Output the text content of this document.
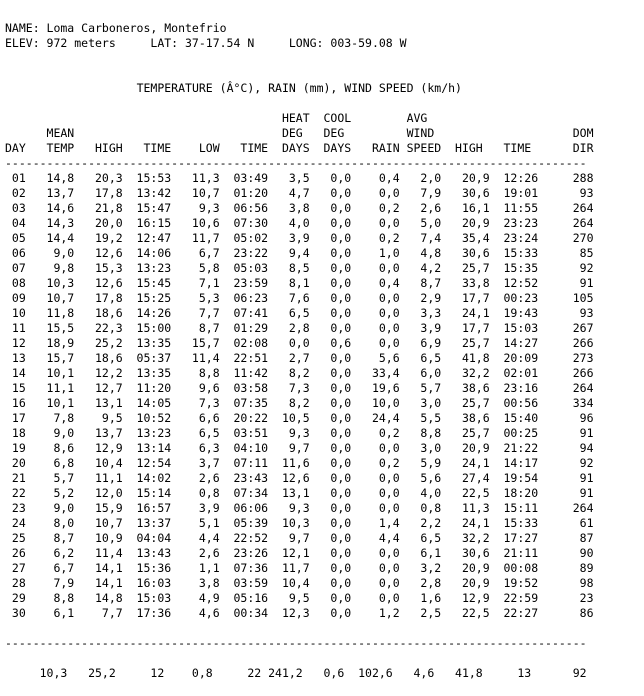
NAME: Loma Carboneros, Montefrio
ELEV: 972 meters     LAT: 37-17.54 N     LONG: 003-59.08 W

TEMPERATURE (Â°C), RAIN (mm), WIND SPEED (km/h)

HEAT  COOL        AVG
MEAN                              DEG   DEG         WIND                    DOM
DAY   TEMP   HIGH   TIME    LOW   TIME  DAYS  DAYS   RAIN SPEED  HIGH   TIME      DIR
------------------------------------------------------------------------------------
01   14,8   20,3  15:53   11,3  03:49   3,5   0,0    0,4   2,0   20,9  12:26     288
02   13,7   17,8  13:42   10,7  01:20   4,7   0,0    0,0   7,9   30,6  19:01      93
03   14,6   21,8  15:47    9,3  06:56   3,8   0,0    0,2   2,6   16,1  11:55     264
04   14,3   20,0  16:15   10,6  07:30   4,0   0,0    0,0   5,0   20,9  23:23     264
05   14,4   19,2  12:47   11,7  05:02   3,9   0,0    0,2   7,4   35,4  23:24     270
06    9,0   12,6  14:06    6,7  23:22   9,4   0,0    1,0   4,8   30,6  15:33      85
07    9,8   15,3  13:23    5,8  05:03   8,5   0,0    0,0   4,2   25,7  15:35      92
08   10,3   12,6  15:45    7,1  23:59   8,1   0,0    0,4   8,7   33,8  12:52      91
09   10,7   17,8  15:25    5,3  06:23   7,6   0,0    0,0   2,9   17,7  00:23     105
10   11,8   18,6  14:26    7,7  07:41   6,5   0,0    0,0   3,3   24,1  19:43      93
11   15,5   22,3  15:00    8,7  01:29   2,8   0,0    0,0   3,9   17,7  15:03     267
12   18,9   25,2  13:35   15,7  02:08   0,0   0,6    0,0   6,9   25,7  14:27     266
13   15,7   18,6  05:37   11,4  22:51   2,7   0,0    5,6   6,5   41,8  20:09     273
14   10,1   12,2  13:35    8,8  11:42   8,2   0,0   33,4   6,0   32,2  02:01     266
15   11,1   12,7  11:20    9,6  03:58   7,3   0,0   19,6   5,7   38,6  23:16     264
16   10,1   13,1  14:05    7,3  07:35   8,2   0,0   10,0   3,0   25,7  00:56     334
17    7,8    9,5  10:52    6,6  20:22  10,5   0,0   24,4   5,5   38,6  15:40      96
18    9,0   13,7  13:23    6,5  03:51   9,3   0,0    0,2   8,8   25,7  00:25      91
19    8,6   12,9  13:14    6,3  04:10   9,7   0,0    0,0   3,0   20,9  21:22      94
20    6,8   10,4  12:54    3,7  07:11  11,6   0,0    0,2   5,9   24,1  14:17      92
21    5,7   11,1  14:02    2,6  23:43  12,6   0,0    0,0   5,6   27,4  19:54      91
22    5,2   12,0  15:14    0,8  07:34  13,1   0,0    0,0   4,0   22,5  18:20      91
23    9,0   15,9  16:57    3,9  06:06   9,3   0,0    0,0   0,8   11,3  15:11     264
24    8,0   10,7  13:37    5,1  05:39  10,3   0,0    1,4   2,2   24,1  15:33      61
25    8,7   10,9  04:04    4,4  22:52   9,7   0,0    4,4   6,5   32,2  17:27      87
26    6,2   11,4  13:43    2,6  23:26  12,1   0,0    0,0   6,1   30,6  21:11      90
27    6,7   14,1  15:36    1,1  07:36  11,7   0,0    0,0   3,2   20,9  00:08      89
28    7,9   14,1  16:03    3,8  03:59  10,4   0,0    0,0   2,8   20,9  19:52      98
29    8,8   14,8  15:03    4,9  05:16   9,5   0,0    0,0   1,6   12,9  22:59      23
30    6,1    7,7  17:36    4,6  00:34  12,3   0,0    1,2   2,5   22,5  22:27      86

------------------------------------------------------------------------------------

10,3   25,2     12    0,8     22 241,2   0,6  102,6   4,6   41,8     13      92
